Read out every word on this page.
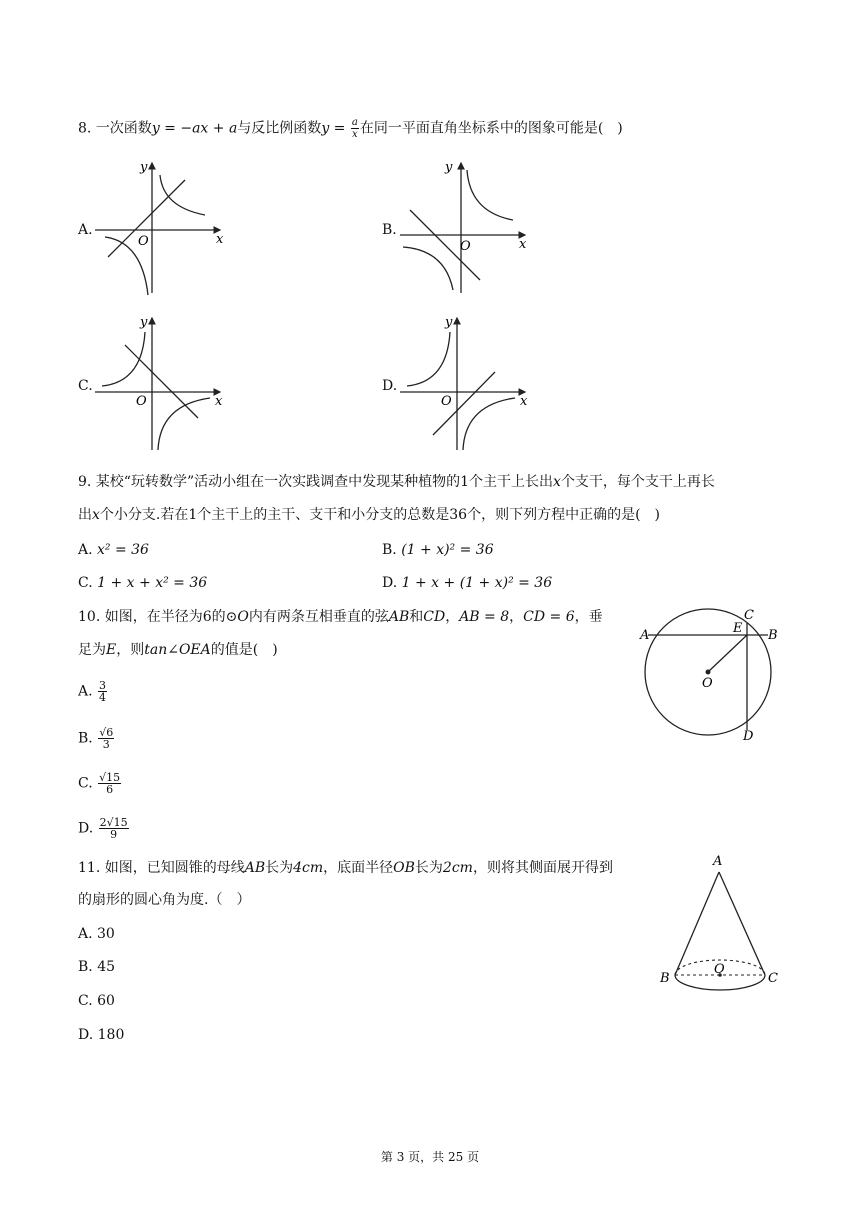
8. 一次函数y = −ax + a与反比例函数$y = \frac{a}{x}$ 在同一平面直角坐标系中的图象可能是(　)
A.
O	x
y
B.
O	x
y
C.
O	x
y
D.
O	x
y
9. 某校“玩转数学”活动小组在一次实践调查中发现某种植物的1个主干上长出x个支干，每个支干上再长
出x个小分支.若在1个主干上的主干、支干和小分支的总数是36个，则下列方程中正确的是(　)
A. x² = 36	B. (1 + x)² = 36
C. 1 + x + x² = 36	D. 1 + x + (1 + x)² = 36
10. 如图，在半径为6的⊙O内有两条互相垂直的弦AB和CD，AB = 8，CD = 6，垂
足为E，则tan∠OEA的值是(　)
A. $\frac{3}{4}$
B. $\frac{√6}{3}$
C. $\frac{√15}{6}$
D. $\frac{2√15}{9}$
A	B
C
D
E
O
11. 如图，已知圆锥的母线AB长为4cm，底面半径OB长为2cm，则将其侧面展开得到
的扇形的圆心角为度.（　）
A. 30
B. 45
C. 60
D. 180
A
B
O
C
第 3 页，共 25 页
